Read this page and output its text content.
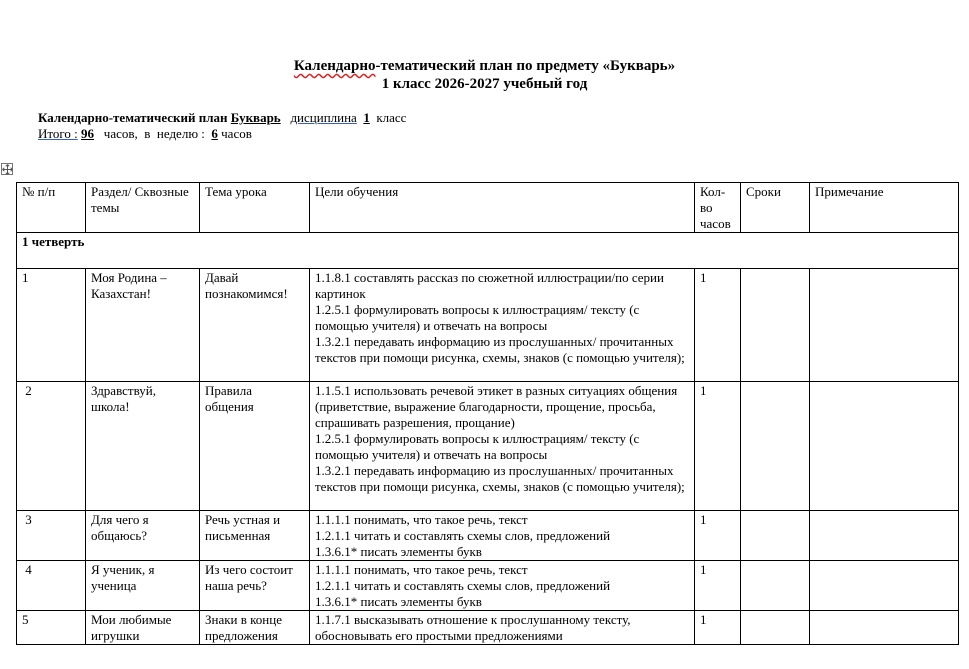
Календарно-тематический план по предмету «Букварь»
1 класс 2026-2027 учебный год
Календарно-тематический план Букварь дисциплина 1 класс
Итого : 96 часов,  в  неделю : 6 часов
№ п/п	Раздел/ Сквозные темы	Тема урока	Цели обучения	Кол-во часов	Сроки	Примечание
1 четверть						
1	Моя Родина – Казахстан!	Давай познакомимся!	1.1.8.1 составлять рассказ по сюжетной иллюстрации/по серии картинок
1.2.5.1 формулировать вопросы к иллюстрациям/ тексту (с помощью учителя) и отвечать на вопросы
1.3.2.1 передавать информацию из прослушанных/ прочитанных текстов при помощи рисунка, схемы, знаков (с помощью учителя);	1		
2	Здравствуй, школа!	Правила общения	1.1.5.1 использовать речевой этикет в разных ситуациях общения (приветствие, выражение благодарности, прощение, просьба, спрашивать разрешения, прощание)
1.2.5.1 формулировать вопросы к иллюстрациям/ тексту (с помощью учителя) и отвечать на вопросы
1.3.2.1 передавать информацию из прослушанных/ прочитанных текстов при помощи рисунка, схемы, знаков (с помощью учителя);	1		
3	Для чего я общаюсь?	Речь устная и письменная	1.1.1.1 понимать, что такое речь, текст
1.2.1.1 читать и составлять схемы слов, предложений
1.3.6.1* писать элементы букв	1		
4	Я ученик, я ученица	Из чего состоит наша речь?	1.1.1.1 понимать, что такое речь, текст
1.2.1.1 читать и составлять схемы слов, предложений
1.3.6.1* писать элементы букв	1		
5	Мои любимые игрушки	Знаки в конце предложения	1.1.7.1 высказывать отношение к прослушанному тексту, обосновывать его простыми предложениями	1		
